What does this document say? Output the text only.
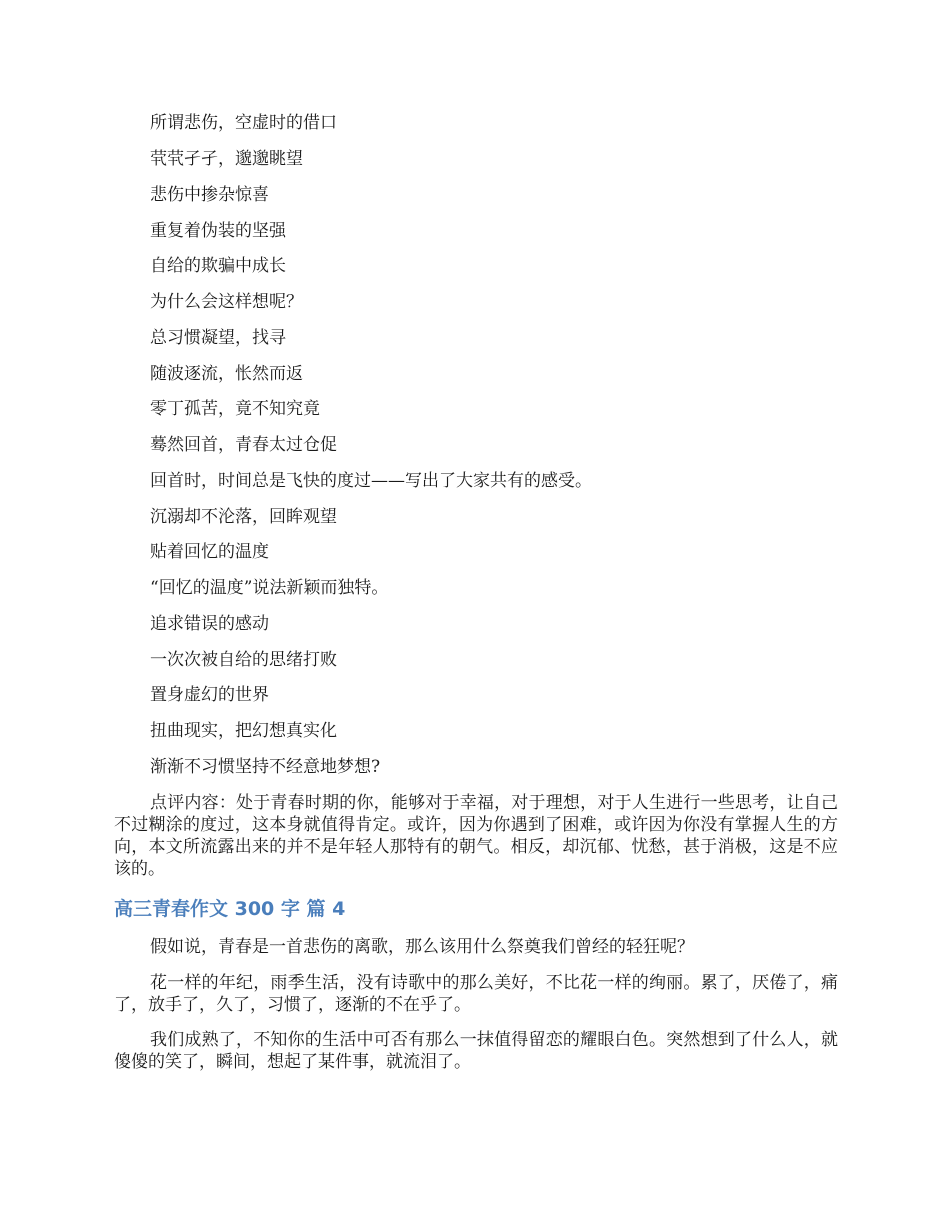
所谓悲伤，空虚时的借口

茕茕孑孑，邈邈眺望

悲伤中掺杂惊喜

重复着伪装的坚强

自给的欺骗中成长

为什么会这样想呢？

总习惯凝望，找寻

随波逐流，怅然而返

零丁孤苦，竟不知究竟

蓦然回首，青春太过仓促

回首时，时间总是飞快的度过——写出了大家共有的感受。

沉溺却不沦落，回眸观望

贴着回忆的温度

“回忆的温度”说法新颖而独特。

追求错误的感动

一次次被自给的思绪打败

置身虚幻的世界

扭曲现实，把幻想真实化

渐渐不习惯坚持不经意地梦想?

点评内容：处于青春时期的你，能够对于幸福，对于理想，对于人生进行一些思考，让自己不过糊涂的度过，这本身就值得肯定。或许，因为你遇到了困难，或许因为你没有掌握人生的方向，本文所流露出来的并不是年轻人那特有的朝气。相反，却沉郁、忧愁，甚于消极，这是不应该的。

高三青春作文 300 字 篇 4

假如说，青春是一首悲伤的离歌，那么该用什么祭奠我们曾经的轻狂呢？

花一样的年纪，雨季生活，没有诗歌中的那么美好，不比花一样的绚丽。累了，厌倦了，痛了，放手了，久了，习惯了，逐渐的不在乎了。

我们成熟了，不知你的生活中可否有那么一抹值得留恋的耀眼白色。突然想到了什么人，就傻傻的笑了，瞬间，想起了某件事，就流泪了。
